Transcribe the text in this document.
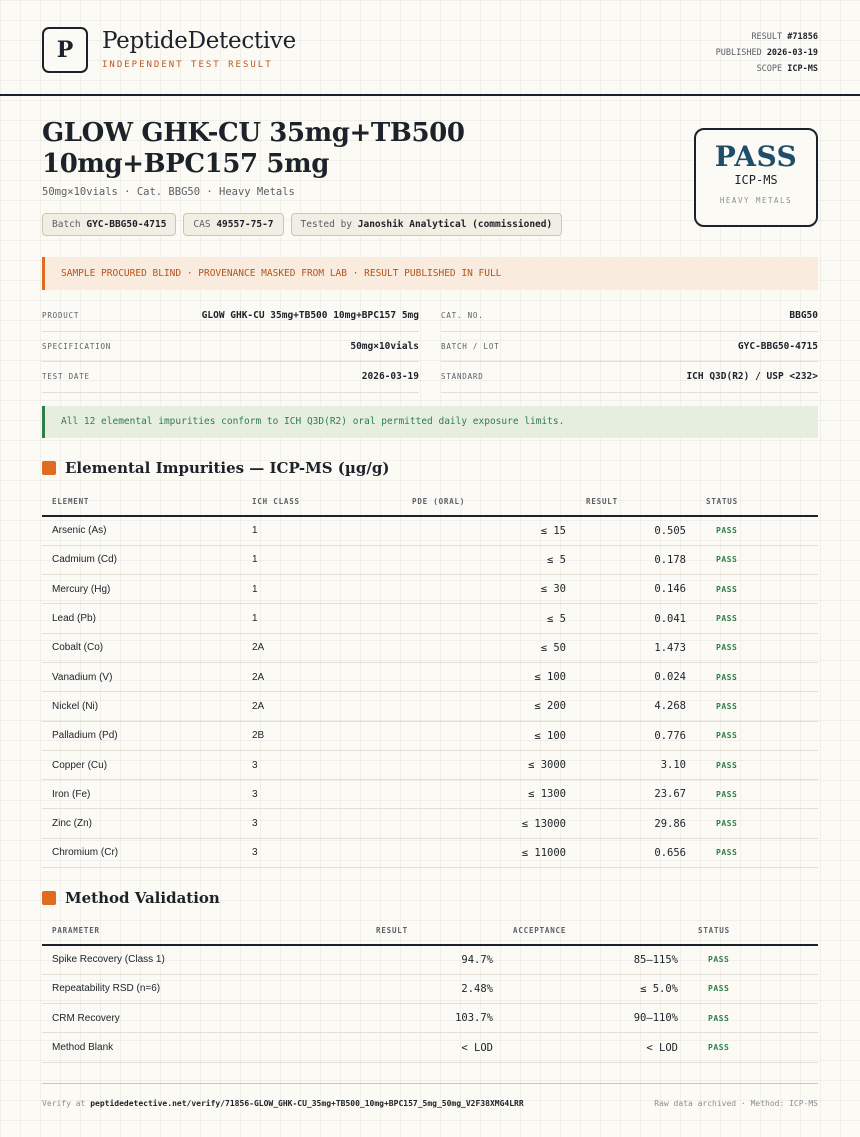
P	PeptideDetective
INDEPENDENT TEST RESULT
RESULT #71856
PUBLISHED 2026-03-19
SCOPE ICP-MS
GLOW GHK-CU 35mg+TB500 10mg+BPC157 5mg
50mg×10vials · Cat. BBG50 · Heavy Metals
Batch GYC-BBG50-4715	CAS 49557-75-7	Tested by Janoshik Analytical (commissioned)
PASS
ICP-MS
HEAVY METALS
SAMPLE PROCURED BLIND · PROVENANCE MASKED FROM LAB · RESULT PUBLISHED IN FULL
PRODUCT	GLOW GHK-CU 35mg+TB500 10mg+BPC157 5mg	CAT. NO.	BBG50
SPECIFICATION	50mg×10vials	BATCH / LOT	GYC-BBG50-4715
TEST DATE	2026-03-19	STANDARD	ICH Q3D(R2) / USP <232>
All 12 elemental impurities conform to ICH Q3D(R2) oral permitted daily exposure limits.
Elemental Impurities — ICP-MS (µg/g)
ELEMENT	ICH CLASS	PDE (ORAL)	RESULT	STATUS
Arsenic (As)	1	≤ 15	0.505	PASS
Cadmium (Cd)	1	≤ 5	0.178	PASS
Mercury (Hg)	1	≤ 30	0.146	PASS
Lead (Pb)	1	≤ 5	0.041	PASS
Cobalt (Co)	2A	≤ 50	1.473	PASS
Vanadium (V)	2A	≤ 100	0.024	PASS
Nickel (Ni)	2A	≤ 200	4.268	PASS
Palladium (Pd)	2B	≤ 100	0.776	PASS
Copper (Cu)	3	≤ 3000	3.10	PASS
Iron (Fe)	3	≤ 1300	23.67	PASS
Zinc (Zn)	3	≤ 13000	29.86	PASS
Chromium (Cr)	3	≤ 11000	0.656	PASS
Method Validation
PARAMETER	RESULT	ACCEPTANCE	STATUS
Spike Recovery (Class 1)	94.7%	85–115%	PASS
Repeatability RSD (n=6)	2.48%	≤ 5.0%	PASS
CRM Recovery	103.7%	90–110%	PASS
Method Blank	< LOD	< LOD	PASS
Verify at peptidedetective.net/verify/71856-GLOW_GHK-CU_35mg+TB500_10mg+BPC157_5mg_50mg_V2F38XMG4LRR	Raw data archived · Method: ICP-MS
